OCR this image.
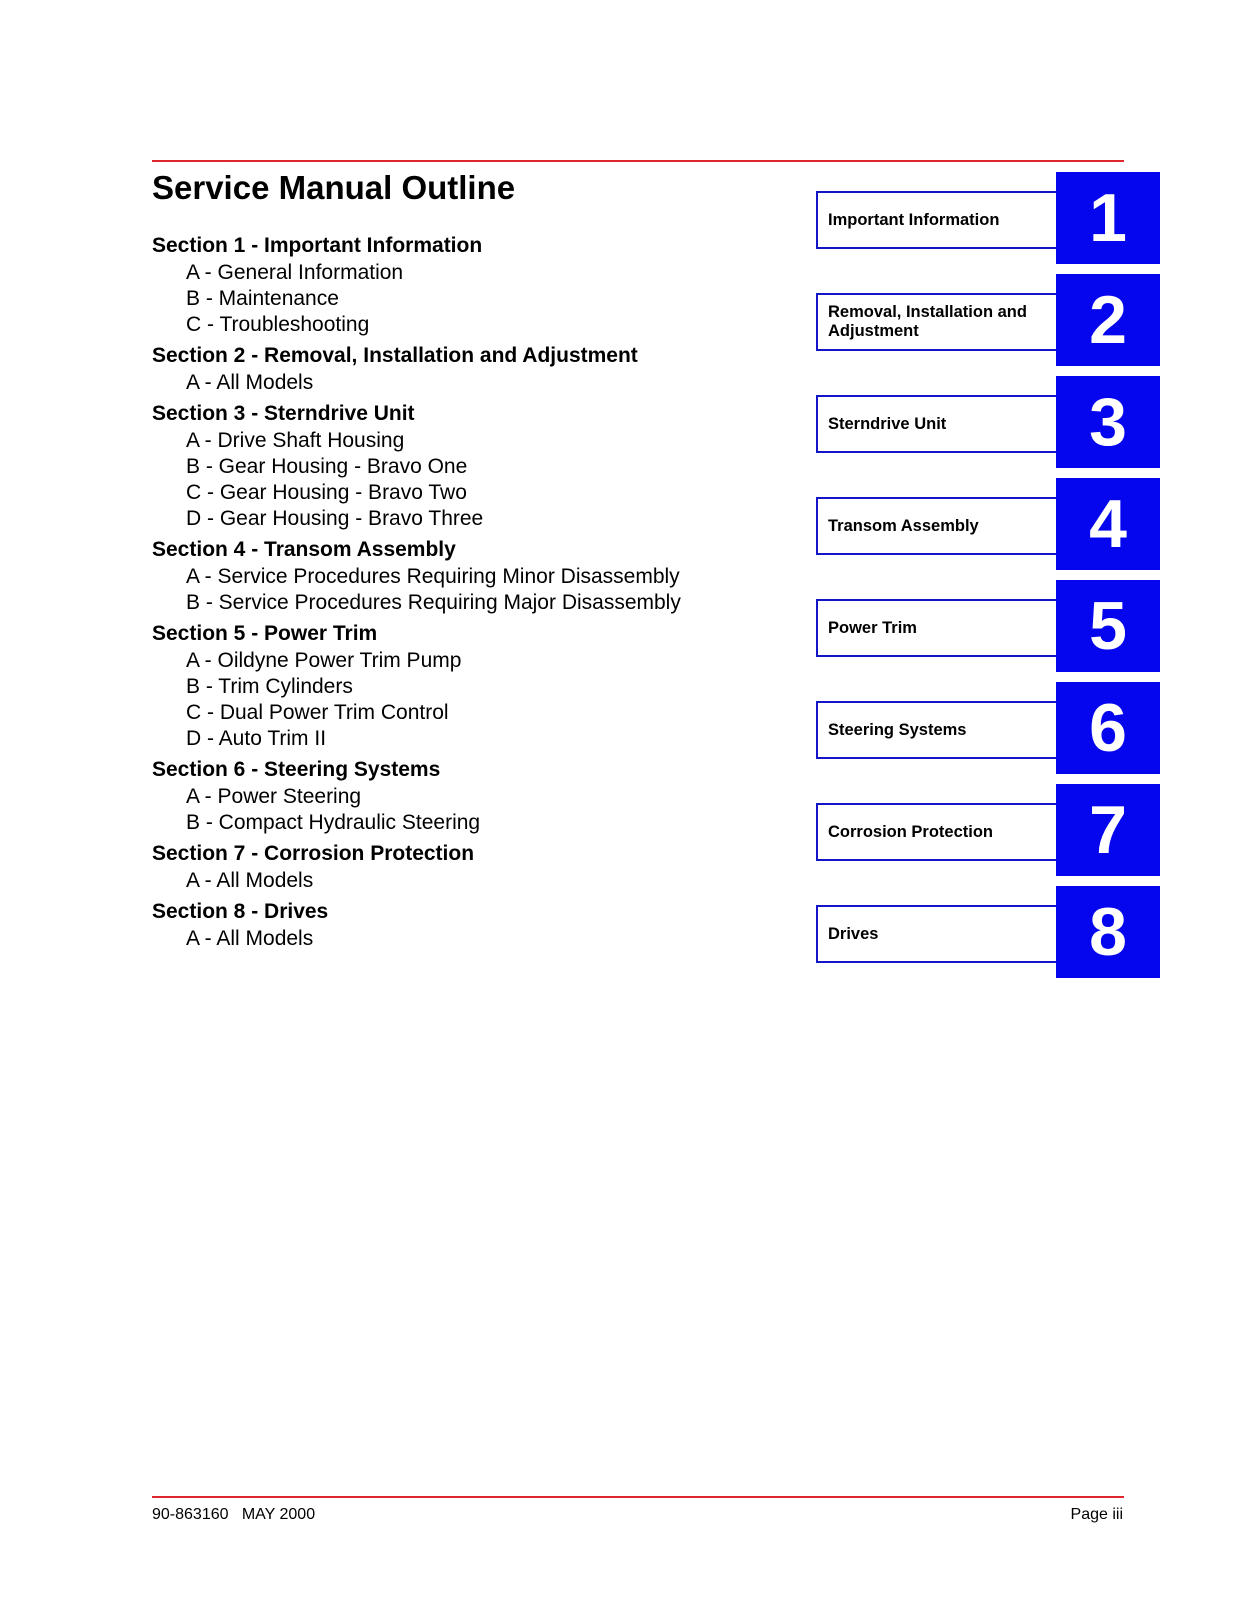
Service Manual Outline
Section 1 - Important Information
A - General Information
B - Maintenance
C - Troubleshooting
Section 2 - Removal, Installation and Adjustment
A - All Models
Section 3 - Sterndrive Unit
A - Drive Shaft Housing
B - Gear Housing - Bravo One
C - Gear Housing - Bravo Two
D - Gear Housing - Bravo Three
Section 4 - Transom Assembly
A - Service Procedures Requiring Minor Disassembly
B - Service Procedures Requiring Major Disassembly
Section 5 - Power Trim
A - Oildyne Power Trim Pump
B - Trim Cylinders
C - Dual Power Trim Control
D - Auto Trim II
Section 6 - Steering Systems
A - Power Steering
B - Compact Hydraulic Steering
Section 7 - Corrosion Protection
A - All Models
Section 8 - Drives
A - All Models
Important Information	1
Removal, Installation and Adjustment	2
Sterndrive Unit	3
Transom Assembly	4
Power Trim	5
Steering Systems	6
Corrosion Protection	7
Drives	8
90-863160   MAY 2000	Page iii
